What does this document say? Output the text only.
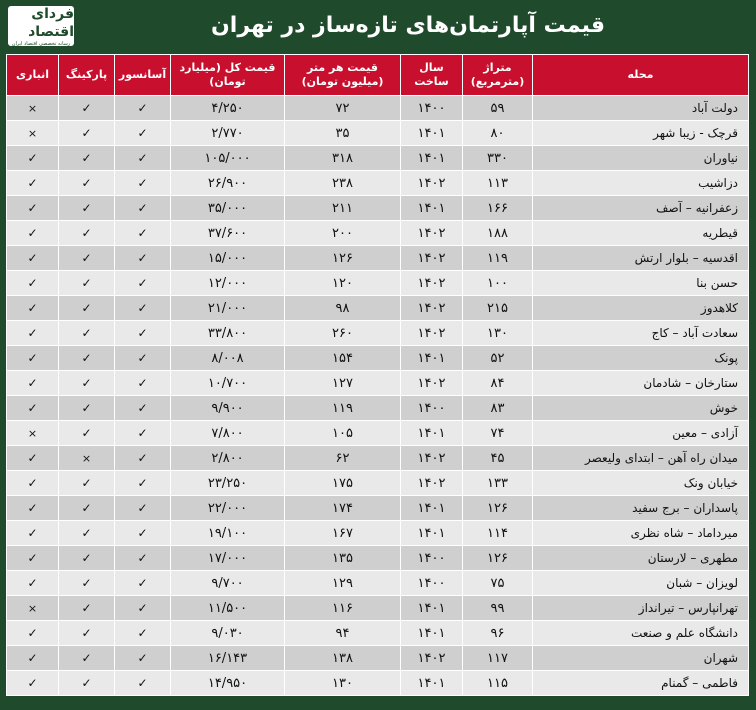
فردای اقتصاد
رسانه تخصصی اقتصاد ایران
قیمت آپارتمان‌های تازه‌ساز در تهران
محله	متراژ (مترمربع)	سال ساخت	قیمت هر متر (میلیون تومان)	قیمت کل (میلیارد تومان)	آسانسور	پارکینگ	انباری
دولت آباد	۵۹	۱۴۰۰	۷۲	۴/۲۵۰	✓	✓	×
قرچک - زیبا شهر	۸۰	۱۴۰۱	۳۵	۲/۷۷۰	✓	✓	×
نیاوران	۳۳۰	۱۴۰۱	۳۱۸	۱۰۵/۰۰۰	✓	✓	✓
دزاشیب	۱۱۳	۱۴۰۲	۲۳۸	۲۶/۹۰۰	✓	✓	✓
زعفرانیه – آصف	۱۶۶	۱۴۰۱	۲۱۱	۳۵/۰۰۰	✓	✓	✓
قیطریه	۱۸۸	۱۴۰۲	۲۰۰	۳۷/۶۰۰	✓	✓	✓
اقدسیه – بلوار ارتش	۱۱۹	۱۴۰۲	۱۲۶	۱۵/۰۰۰	✓	✓	✓
حسن بنا	۱۰۰	۱۴۰۲	۱۲۰	۱۲/۰۰۰	✓	✓	✓
کلاهدوز	۲۱۵	۱۴۰۲	۹۸	۲۱/۰۰۰	✓	✓	✓
سعادت آباد – کاج	۱۳۰	۱۴۰۲	۲۶۰	۳۳/۸۰۰	✓	✓	✓
پونک	۵۲	۱۴۰۱	۱۵۴	۸/۰۰۸	✓	✓	✓
ستارخان – شادمان	۸۴	۱۴۰۲	۱۲۷	۱۰/۷۰۰	✓	✓	✓
خوش	۸۳	۱۴۰۰	۱۱۹	۹/۹۰۰	✓	✓	✓
آزادی – معین	۷۴	۱۴۰۱	۱۰۵	۷/۸۰۰	✓	✓	×
میدان راه آهن – ابتدای ولیعصر	۴۵	۱۴۰۲	۶۲	۲/۸۰۰	✓	×	✓
خیابان ونک	۱۳۳	۱۴۰۲	۱۷۵	۲۳/۲۵۰	✓	✓	✓
پاسداران – برج سفید	۱۲۶	۱۴۰۱	۱۷۴	۲۲/۰۰۰	✓	✓	✓
میرداماد – شاه نظری	۱۱۴	۱۴۰۱	۱۶۷	۱۹/۱۰۰	✓	✓	✓
مطهری – لارستان	۱۲۶	۱۴۰۰	۱۳۵	۱۷/۰۰۰	✓	✓	✓
لویزان – شبان	۷۵	۱۴۰۰	۱۲۹	۹/۷۰۰	✓	✓	✓
تهرانپارس – تیرانداز	۹۹	۱۴۰۱	۱۱۶	۱۱/۵۰۰	✓	✓	×
دانشگاه علم و صنعت	۹۶	۱۴۰۱	۹۴	۹/۰۳۰	✓	✓	✓
شهران	۱۱۷	۱۴۰۲	۱۳۸	۱۶/۱۴۳	✓	✓	✓
فاطمی – گمنام	۱۱۵	۱۴۰۱	۱۳۰	۱۴/۹۵۰	✓	✓	✓
